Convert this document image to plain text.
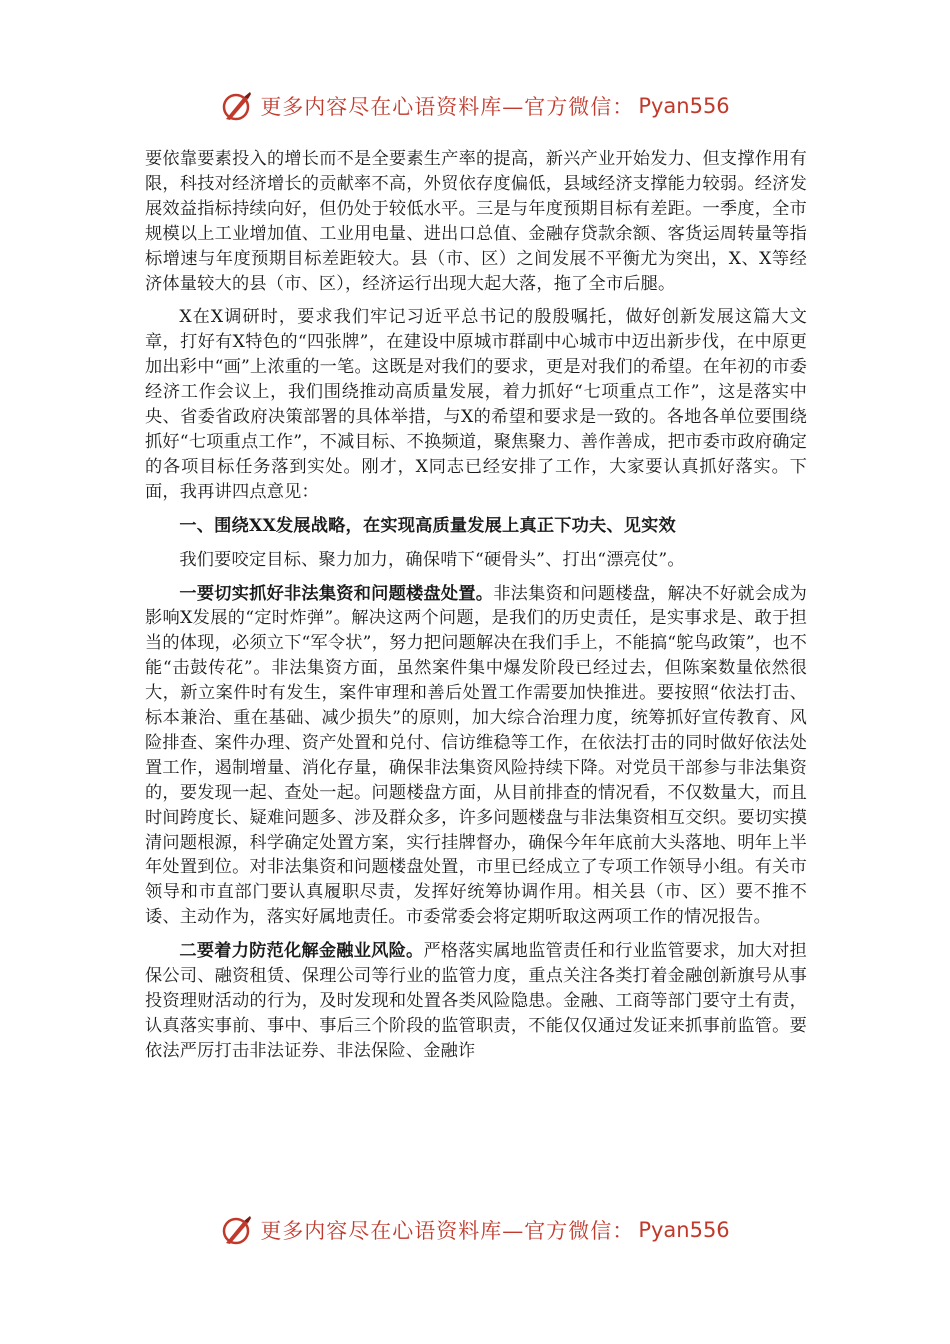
更多内容尽在心语资料库—官方微信： Pyan556

要依靠要素投入的增长而不是全要素生产率的提高，新兴产业开始发力、但支撑作用有限，科技对经济增长的贡献率不高，外贸依存度偏低，县域经济支撑能力较弱。经济发展效益指标持续向好，但仍处于较低水平。三是与年度预期目标有差距。一季度，全市规模以上工业增加值、工业用电量、进出口总值、金融存贷款余额、客货运周转量等指标增速与年度预期目标差距较大。县（市、区）之间发展不平衡尤为突出，X、X等经济体量较大的县（市、区），经济运行出现大起大落，拖了全市后腿。

X在X调研时，要求我们牢记习近平总书记的殷殷嘱托，做好创新发展这篇大文章，打好有X特色的“四张牌”，在建设中原城市群副中心城市中迈出新步伐，在中原更加出彩中“画”上浓重的一笔。这既是对我们的要求，更是对我们的希望。在年初的市委经济工作会议上，我们围绕推动高质量发展，着力抓好“七项重点工作”，这是落实中央、省委省政府决策部署的具体举措，与X的希望和要求是一致的。各地各单位要围绕抓好“七项重点工作”，不减目标、不换频道，聚焦聚力、善作善成，把市委市政府确定的各项目标任务落到实处。刚才，X同志已经安排了工作，大家要认真抓好落实。下面，我再讲四点意见：

一、围绕XX发展战略，在实现高质量发展上真正下功夫、见实效

我们要咬定目标、聚力加力，确保啃下“硬骨头”、打出“漂亮仗”。

一要切实抓好非法集资和问题楼盘处置。非法集资和问题楼盘，解决不好就会成为影响X发展的“定时炸弹”。解决这两个问题，是我们的历史责任，是实事求是、敢于担当的体现，必须立下“军令状”，努力把问题解决在我们手上，不能搞“鸵鸟政策”，也不能“击鼓传花”。非法集资方面，虽然案件集中爆发阶段已经过去，但陈案数量依然很大，新立案件时有发生，案件审理和善后处置工作需要加快推进。要按照“依法打击、标本兼治、重在基础、减少损失”的原则，加大综合治理力度，统筹抓好宣传教育、风险排查、案件办理、资产处置和兑付、信访维稳等工作，在依法打击的同时做好依法处置工作，遏制增量、消化存量，确保非法集资风险持续下降。对党员干部参与非法集资的，要发现一起、查处一起。问题楼盘方面，从目前排查的情况看，不仅数量大，而且时间跨度长、疑难问题多、涉及群众多，许多问题楼盘与非法集资相互交织。要切实摸清问题根源，科学确定处置方案，实行挂牌督办，确保今年年底前大头落地、明年上半年处置到位。对非法集资和问题楼盘处置，市里已经成立了专项工作领导小组。有关市领导和市直部门要认真履职尽责，发挥好统筹协调作用。相关县（市、区）要不推不诿、主动作为，落实好属地责任。市委常委会将定期听取这两项工作的情况报告。

二要着力防范化解金融业风险。严格落实属地监管责任和行业监管要求，加大对担保公司、融资租赁、保理公司等行业的监管力度，重点关注各类打着金融创新旗号从事投资理财活动的行为，及时发现和处置各类风险隐患。金融、工商等部门要守土有责，认真落实事前、事中、事后三个阶段的监管职责，不能仅仅通过发证来抓事前监管。要依法严厉打击非法证券、非法保险、金融诈

更多内容尽在心语资料库—官方微信： Pyan556
